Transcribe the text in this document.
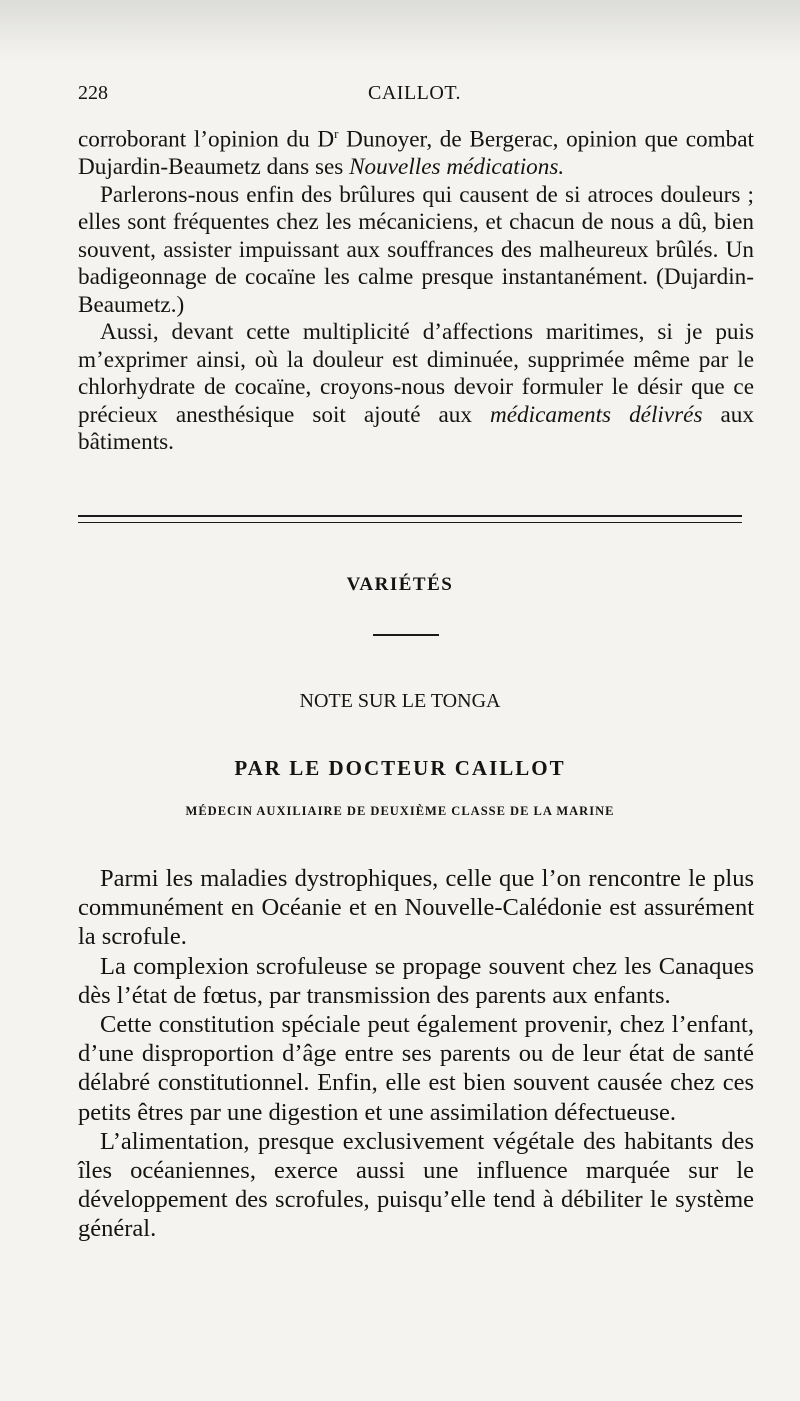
228	CAILLOT.

corroborant l’opinion du $D^r$ Dunoyer, de Bergerac, opinion que combat Dujardin-Beaumetz dans ses Nouvelles médications.

Parlerons-nous enfin des brûlures qui causent de si atroces douleurs ; elles sont fréquentes chez les mécaniciens, et chacun de nous a dû, bien souvent, assister impuissant aux souffrances des malheureux brûlés. Un badigeonnage de cocaïne les calme presque instantanément. (Dujardin-Beaumetz.)

Aussi, devant cette multiplicité d’affections maritimes, si je puis m’exprimer ainsi, où la douleur est diminuée, supprimée même par le chlorhydrate de cocaïne, croyons-nous devoir formuler le désir que ce précieux anesthésique soit ajouté aux médicaments délivrés aux bâtiments.

VARIÉTÉS
NOTE SUR LE TONGA
PAR LE DOCTEUR CAILLOT
MÉDECIN AUXILIAIRE DE DEUXIÈME CLASSE DE LA MARINE

Parmi les maladies dystrophiques, celle que l’on rencontre le plus communément en Océanie et en Nouvelle-Calédonie est assurément la scrofule.

La complexion scrofuleuse se propage souvent chez les Canaques dès l’état de fœtus, par transmission des parents aux enfants.

Cette constitution spéciale peut également provenir, chez l’enfant, d’une disproportion d’âge entre ses parents ou de leur état de santé délabré constitutionnel. Enfin, elle est bien souvent causée chez ces petits êtres par une digestion et une assimilation défectueuse.

L’alimentation, presque exclusivement végétale des habitants des îles océaniennes, exerce aussi une influence marquée sur le développement des scrofules, puisqu’elle tend à débiliter le système général.
